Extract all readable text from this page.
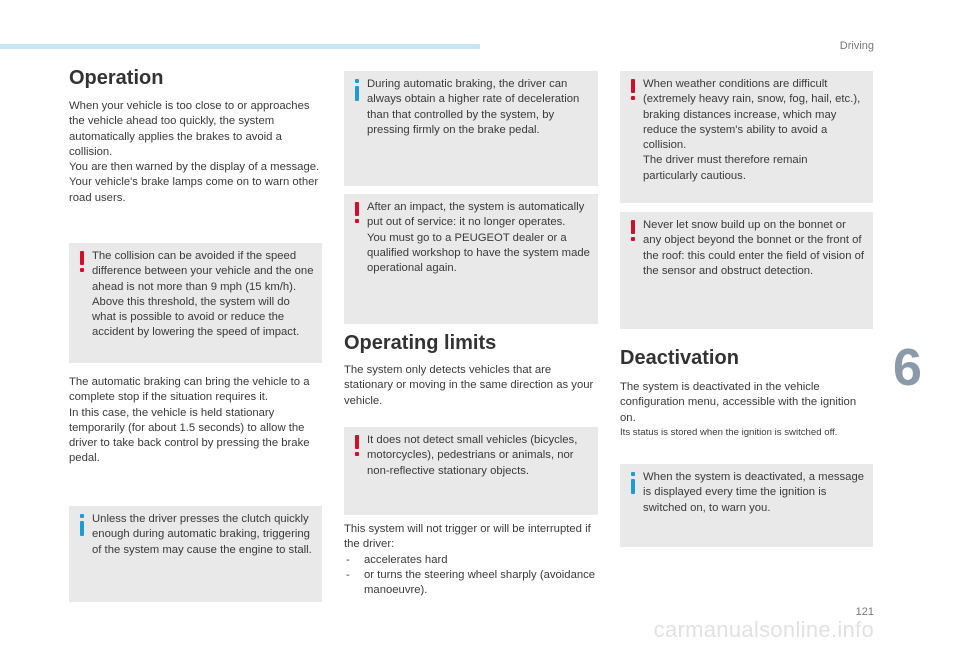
Driving
6
Operation

When your vehicle is too close to or approaches the vehicle ahead too quickly, the system automatically applies the brakes to avoid a collision.

You are then warned by the display of a message.

Your vehicle's brake lamps come on to warn other road users.

The collision can be avoided if the speed difference between your vehicle and the one ahead is not more than 9 mph (15 km/h).

Above this threshold, the system will do what is possible to avoid or reduce the accident by lowering the speed of impact.

The automatic braking can bring the vehicle to a complete stop if the situation requires it.

In this case, the vehicle is held stationary temporarily (for about 1.5 seconds) to allow the driver to take back control by pressing the brake pedal.

Unless the driver presses the clutch quickly enough during automatic braking, triggering of the system may cause the engine to stall.

During automatic braking, the driver can always obtain a higher rate of deceleration than that controlled by the system, by pressing firmly on the brake pedal.

After an impact, the system is automatically put out of service: it no longer operates.

You must go to a PEUGEOT dealer or a qualified workshop to have the system made operational again.

Operating limits
The system only detects vehicles that are stationary or moving in the same direction as your vehicle.

It does not detect small vehicles (bicycles, motorcycles), pedestrians or animals, nor non-reflective stationary objects.

This system will not trigger or will be interrupted if the driver:

- accelerates hard
- or turns the steering wheel sharply (avoidance manoeuvre).

When weather conditions are difficult (extremely heavy rain, snow, fog, hail, etc.), braking distances increase, which may reduce the system's ability to avoid a collision.

The driver must therefore remain particularly cautious.

Never let snow build up on the bonnet or any object beyond the bonnet or the front of the roof: this could enter the field of vision of the sensor and obstruct detection.

Deactivation

The system is deactivated in the vehicle configuration menu, accessible with the ignition on.

Its status is stored when the ignition is switched off.

When the system is deactivated, a message is displayed every time the ignition is switched on, to warn you.

121
carmanualsonline.info
